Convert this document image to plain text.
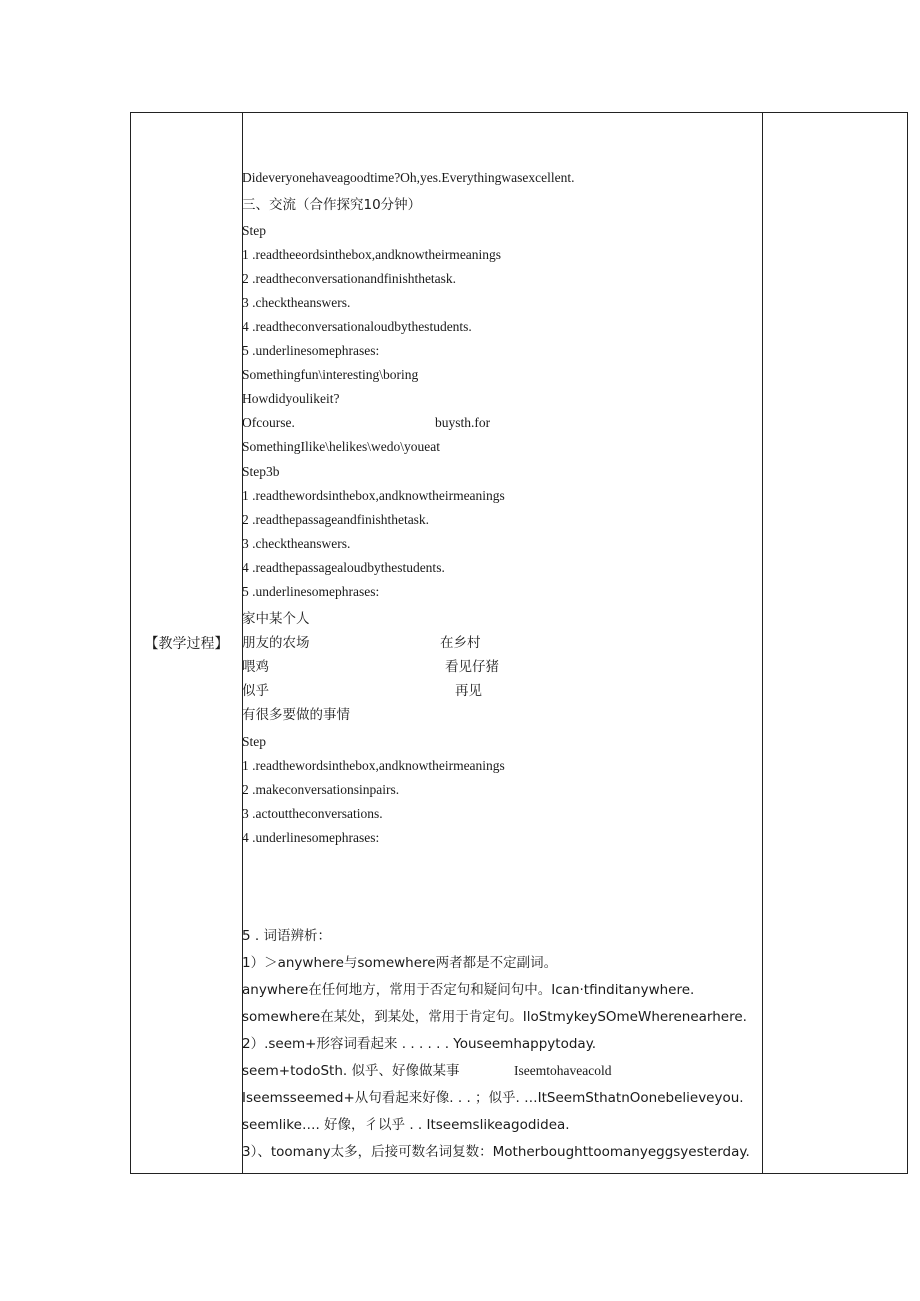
【教学过程】
Dideveryonehaveagoodtime?Oh,yes.Everythingwasexcellent.
三、交流（合作探究10分钟）
Step
1 .readtheeordsinthebox,andknowtheirmeanings
2 .readtheconversationandfinishthetask.
3 .checktheanswers.
4 .readtheconversationaloudbythestudents.
5 .underlinesomephrases:
Somethingfun\interesting\boring
Howdidyoulikeit?
Ofcourse.	buysth.for
SomethingIlike\helikes\wedo\youeat
Step3b
1 .readthewordsinthebox,andknowtheirmeanings
2 .readthepassageandfinishthetask.
3 .checktheanswers.
4 .readthepassagealoudbythestudents.
5 .underlinesomephrases:
家中某个人
朋友的农场	在乡村
喂鸡	看见仔猪
似乎	再见
有很多要做的事情
Step
1 .readthewordsinthebox,andknowtheirmeanings
2 .makeconversationsinpairs.
3 .actouttheconversations.
4 .underlinesomephrases:
5 . 词语辨析：
1）＞anywhere与somewhere两者都是不定副词。
anywhere在任何地方，常用于否定句和疑问句中。Ican·tfinditanywhere.
somewhere在某处，到某处，常用于肯定句。IloStmykeySOmeWherenearhere.
2）.seem+形容词看起来 . . . . . . Youseemhappytoday.
seem+todoSth. 似乎、好像做某事	Iseemtohaveacold
Iseemsseemed+从句看起来好像. . . ；似乎. …ItSeemSthatnOonebelieveyou.
seemlike…. 好像，彳以乎 . . Itseemslikeagodidea.
3）、toomany太多，后接可数名词复数：Motherboughttoomanyeggsyesterday.
